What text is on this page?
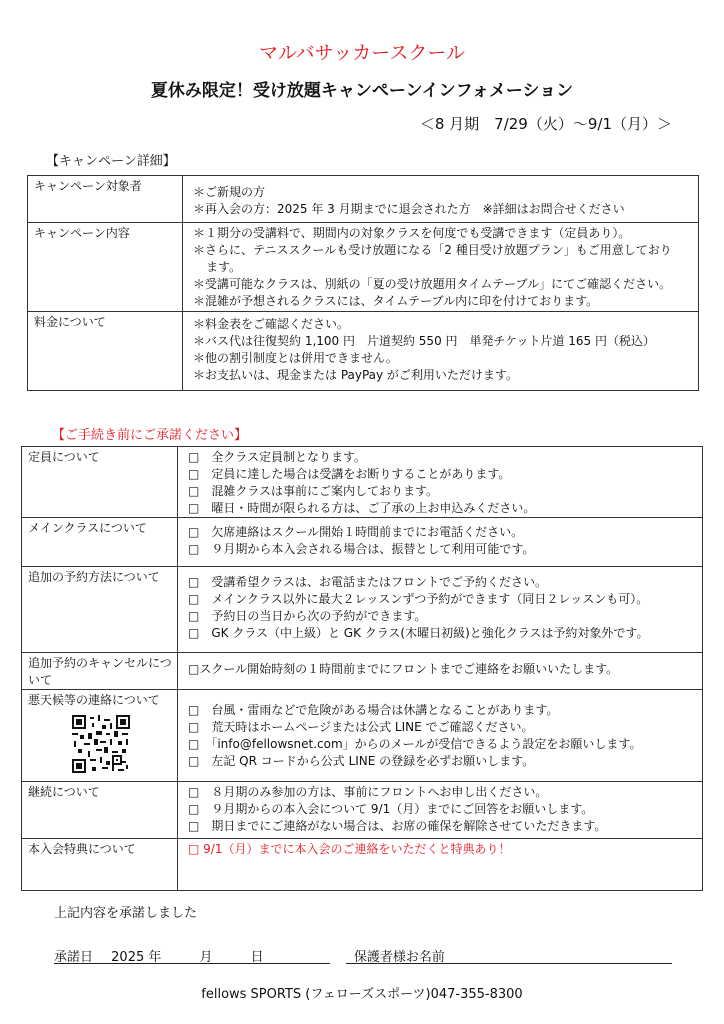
マルバサッカースクール
夏休み限定！受け放題キャンペーンインフォメーション
＜8 月期　7/29（火）～9/1（月）＞
【キャンペーン詳細】
キャンペーン対象者	＊ご新規の方
＊再入会の方：2025 年 3 月期までに退会された方　※詳細はお問合せください

キャンペーン内容	＊１期分の受講料で、期間内の対象クラスを何度でも受講できます（定員あり）。
＊さらに、テニススクールも受け放題になる「2 種目受け放題プラン」もご用意しており
ます。
＊受講可能なクラスは、別紙の「夏の受け放題用タイムテーブル」にてご確認ください。
＊混雑が予想されるクラスには、タイムテーブル内に印を付けております。

料金について	＊料金表をご確認ください。
＊バス代は往復契約 1,100 円　片道契約 550 円　単発チケット片道 165 円（税込）
＊他の割引制度とは併用できません。
＊お支払いは、現金または PayPay がご利用いただけます。
【ご手続き前にご承諾ください】
定員について	□　全クラス定員制となります。
□　定員に達した場合は受講をお断りすることがあります。
□　混雑クラスは事前にご案内しております。
□　曜日・時間が限られる方は、ご了承の上お申込みください。

メインクラスについて	□　欠席連絡はスクール開始１時間前までにお電話ください。
□　９月期から本入会される場合は、振替として利用可能です。

追加の予約方法について	□　受講希望クラスは、お電話またはフロントでご予約ください。
□　メインクラス以外に最大２レッスンずつ予約ができます（同日２レッスンも可）。
□　予約日の当日から次の予約ができます。
□　GK クラス（中上級）と GK クラス(木曜日初級)と強化クラスは予約対象外です。

追加予約のキャンセルについて	□スクール開始時刻の１時間前までにフロントまでご連絡をお願いいたします。

悪天候等の連絡について	□　台風・雷雨などで危険がある場合は休講となることがあります。
□　荒天時はホームページまたは公式 LINE でご確認ください。
□　「info@fellowsnet.com」からのメールが受信できるよう設定をお願いします。
□　左記 QR コードから公式 LINE の登録を必ずお願いします。

継続について	□　８月期のみ参加の方は、事前にフロントへお申し出ください。
□　９月期からの本入会について 9/1（月）までにご回答をお願いします。
□　期日までにご連絡がない場合は、お席の確保を解除させていただきます。

本入会特典について	□ 9/1（月）までに本入会のご連絡をいただくと特典あり！
上記内容を承諾しました
承諾日 2025 年	月	日	保護者様お名前
fellows SPORTS (フェローズスポーツ)047-355-8300
